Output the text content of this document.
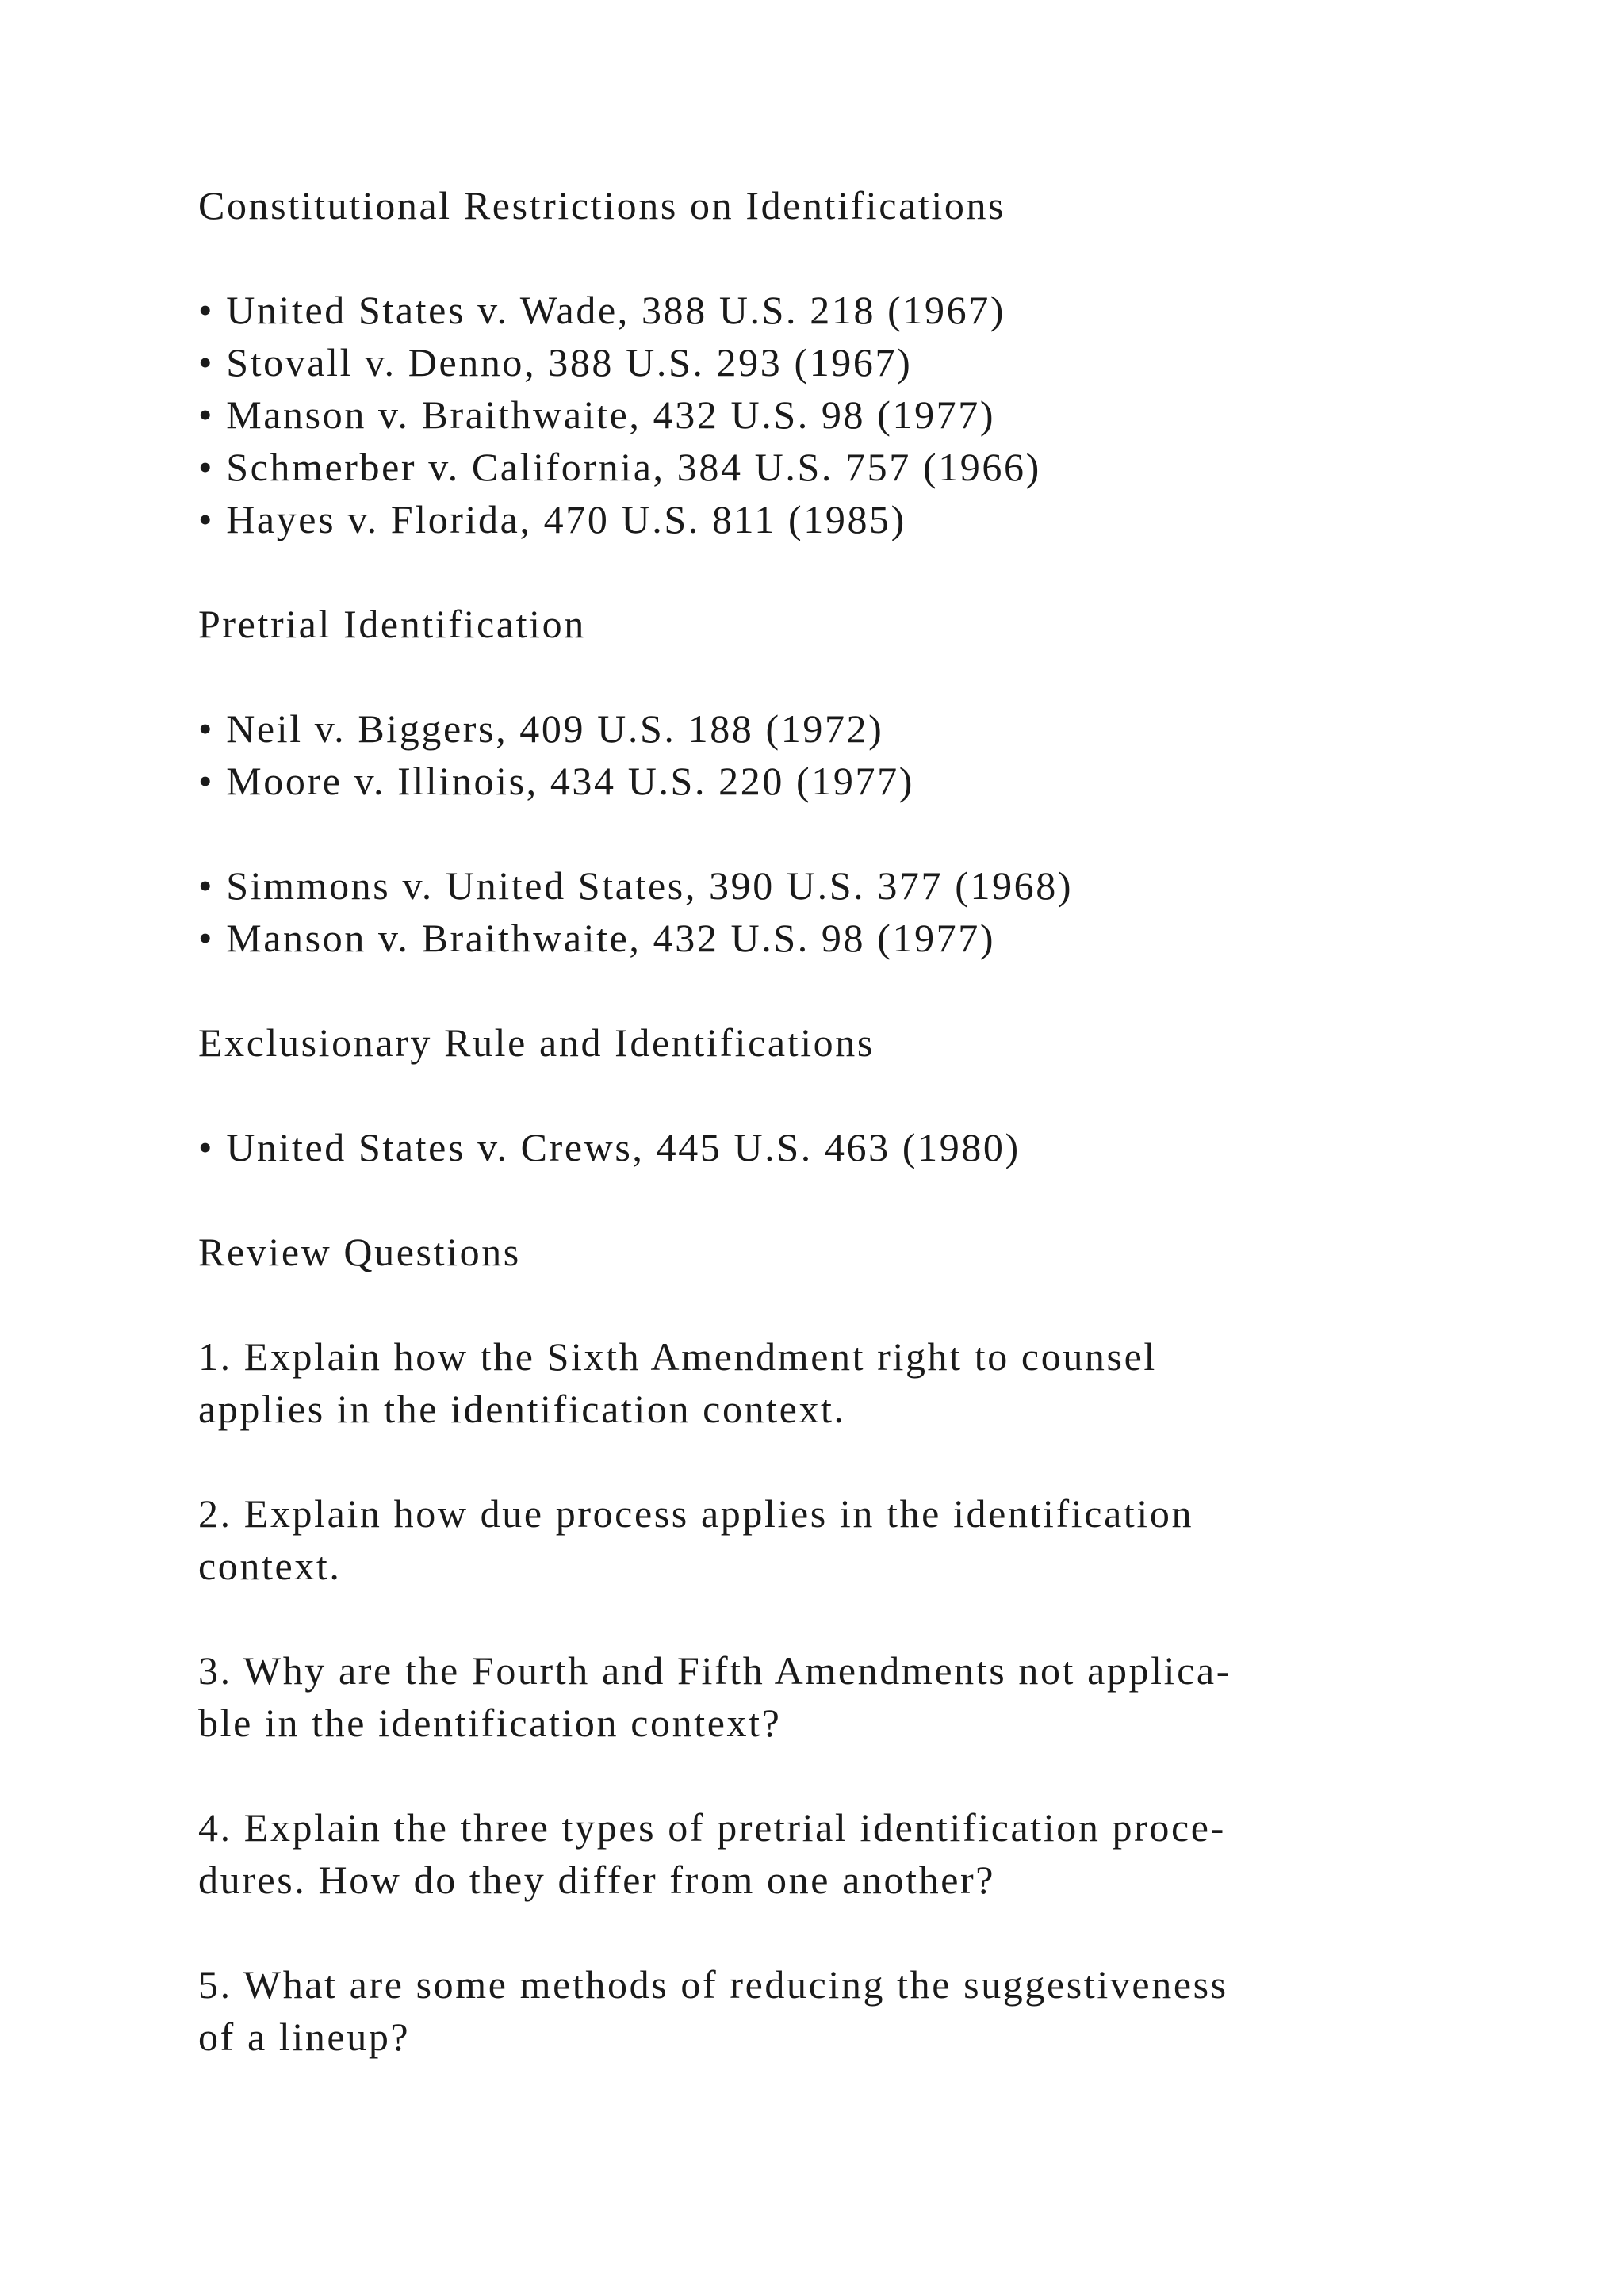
Constitutional Restrictions on Identifications
• United States v. Wade, 388 U.S. 218 (1967)
• Stovall v. Denno, 388 U.S. 293 (1967)
• Manson v. Braithwaite, 432 U.S. 98 (1977)
• Schmerber v. California, 384 U.S. 757 (1966)
• Hayes v. Florida, 470 U.S. 811 (1985)
Pretrial Identification
• Neil v. Biggers, 409 U.S. 188 (1972)
• Moore v. Illinois, 434 U.S. 220 (1977)
• Simmons v. United States, 390 U.S. 377 (1968)
• Manson v. Braithwaite, 432 U.S. 98 (1977)
Exclusionary Rule and Identifications
• United States v. Crews, 445 U.S. 463 (1980)
Review Questions
1. Explain how the Sixth Amendment right to counsel
applies in the identification context.
2. Explain how due process applies in the identification
context.
3. Why are the Fourth and Fifth Amendments not applica-
ble in the identification context?
4. Explain the three types of pretrial identification proce-
dures. How do they differ from one another?
5. What are some methods of reducing the suggestiveness
of a lineup?
